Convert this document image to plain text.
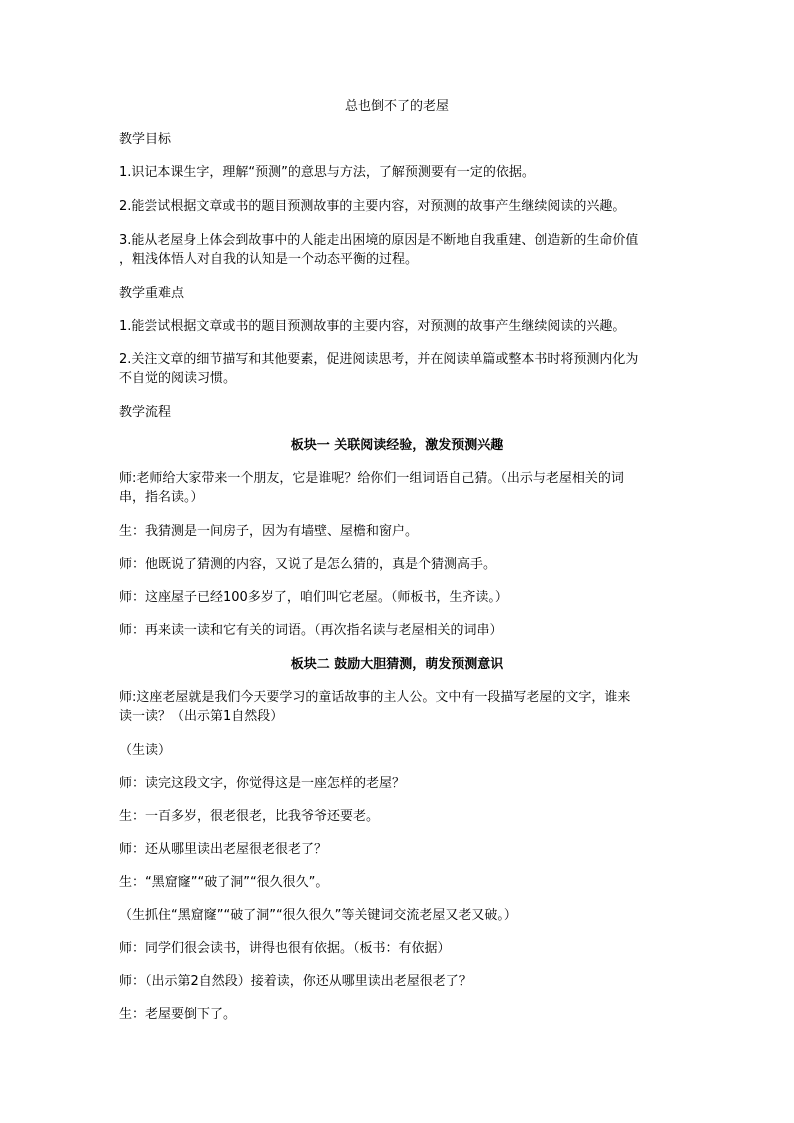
总也倒不了的老屋
教学目标
1.识记本课生字，理解“预测”的意思与方法，了解预测要有一定的依据。
2.能尝试根据文章或书的题目预测故事的主要内容，对预测的故事产生继续阅读的兴趣。
3.能从老屋身上体会到故事中的人能走出困境的原因是不断地自我重建、创造新的生命价值
，粗浅体悟人对自我的认知是一个动态平衡的过程。
教学重难点
1.能尝试根据文章或书的题目预测故事的主要内容，对预测的故事产生继续阅读的兴趣。
2.关注文章的细节描写和其他要素，促进阅读思考，并在阅读单篇或整本书时将预测内化为
不自觉的阅读习惯。
教学流程
板块一 关联阅读经验，激发预测兴趣
师:老师给大家带来一个朋友，它是谁呢？给你们一组词语自己猜。（出示与老屋相关的词
串，指名读。）
生：我猜测是一间房子，因为有墙壁、屋檐和窗户。
师：他既说了猜测的内容，又说了是怎么猜的，真是个猜测高手。
师：这座屋子已经100多岁了，咱们叫它老屋。（师板书，生齐读。）
师：再来读一读和它有关的词语。（再次指名读与老屋相关的词串）
板块二 鼓励大胆猜测，萌发预测意识
师:这座老屋就是我们今天要学习的童话故事的主人公。文中有一段描写老屋的文字，谁来
读一读？（出示第1自然段）
（生读）
师：读完这段文字，你觉得这是一座怎样的老屋？
生：一百多岁，很老很老，比我爷爷还要老。
师：还从哪里读出老屋很老很老了？
生：“黑窟窿”“破了洞”“很久很久”。
（生抓住“黑窟窿”“破了洞”“很久很久”等关键词交流老屋又老又破。）
师：同学们很会读书，讲得也很有依据。（板书：有依据）
师：（出示第2自然段）接着读，你还从哪里读出老屋很老了？
生：老屋要倒下了。
